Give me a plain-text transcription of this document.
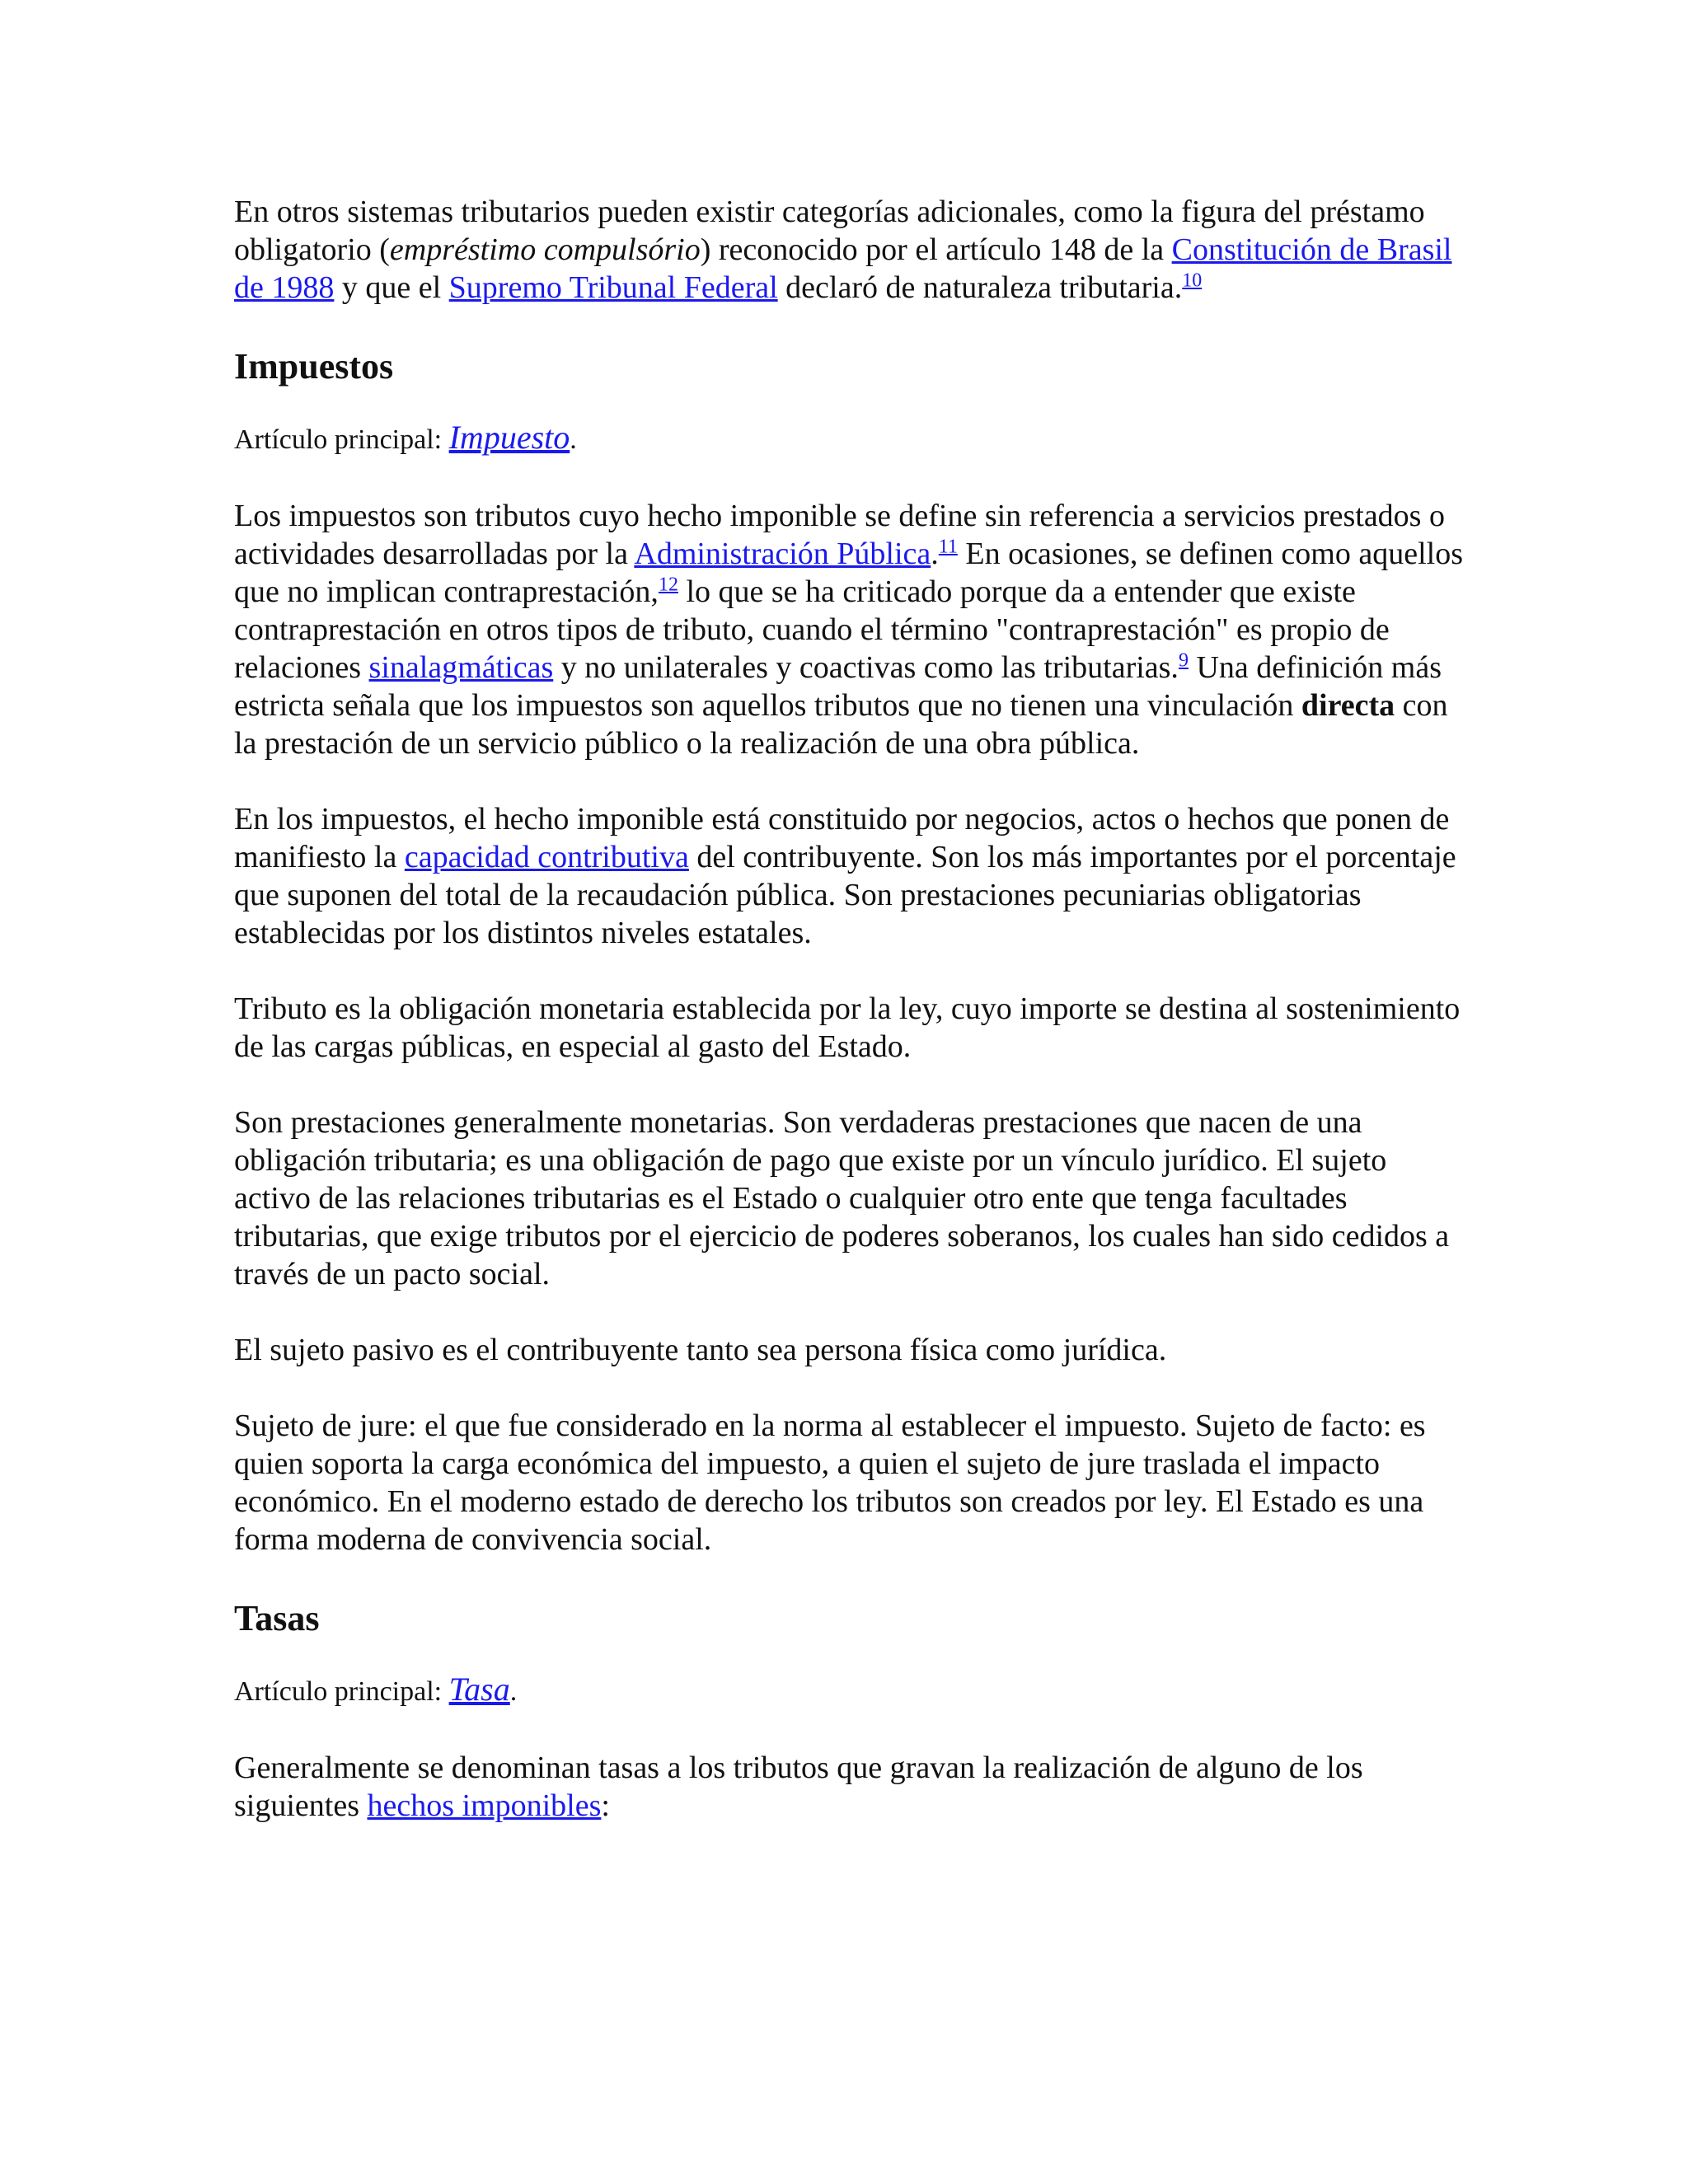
En otros sistemas tributarios pueden existir categorías adicionales, como la figura del préstamo obligatorio (empréstimo compulsório) reconocido por el artículo 148 de la Constitución de Brasil de 1988 y que el Supremo Tribunal Federal declaró de naturaleza tributaria.$^{10}$

Impuestos

Artículo principal: Impuesto.

Los impuestos son tributos cuyo hecho imponible se define sin referencia a servicios prestados o actividades desarrolladas por la Administración Pública.$^{11}$ En ocasiones, se definen como aquellos que no implican contraprestación,$^{12}$ lo que se ha criticado porque da a entender que existe contraprestación en otros tipos de tributo, cuando el término "contraprestación" es propio de relaciones sinalagmáticas y no unilaterales y coactivas como las tributarias.$^9$ Una definición más estricta señala que los impuestos son aquellos tributos que no tienen una vinculación directa con la prestación de un servicio público o la realización de una obra pública.

En los impuestos, el hecho imponible está constituido por negocios, actos o hechos que ponen de manifiesto la capacidad contributiva del contribuyente. Son los más importantes por el porcentaje que suponen del total de la recaudación pública. Son prestaciones pecuniarias obligatorias establecidas por los distintos niveles estatales.

Tributo es la obligación monetaria establecida por la ley, cuyo importe se destina al sostenimiento de las cargas públicas, en especial al gasto del Estado.

Son prestaciones generalmente monetarias. Son verdaderas prestaciones que nacen de una obligación tributaria; es una obligación de pago que existe por un vínculo jurídico. El sujeto activo de las relaciones tributarias es el Estado o cualquier otro ente que tenga facultades tributarias, que exige tributos por el ejercicio de poderes soberanos, los cuales han sido cedidos a través de un pacto social.

El sujeto pasivo es el contribuyente tanto sea persona física como jurídica.

Sujeto de jure: el que fue considerado en la norma al establecer el impuesto. Sujeto de facto: es quien soporta la carga económica del impuesto, a quien el sujeto de jure traslada el impacto económico. En el moderno estado de derecho los tributos son creados por ley. El Estado es una forma moderna de convivencia social.

Tasas

Artículo principal: Tasa.

Generalmente se denominan tasas a los tributos que gravan la realización de alguno de los siguientes hechos imponibles:
